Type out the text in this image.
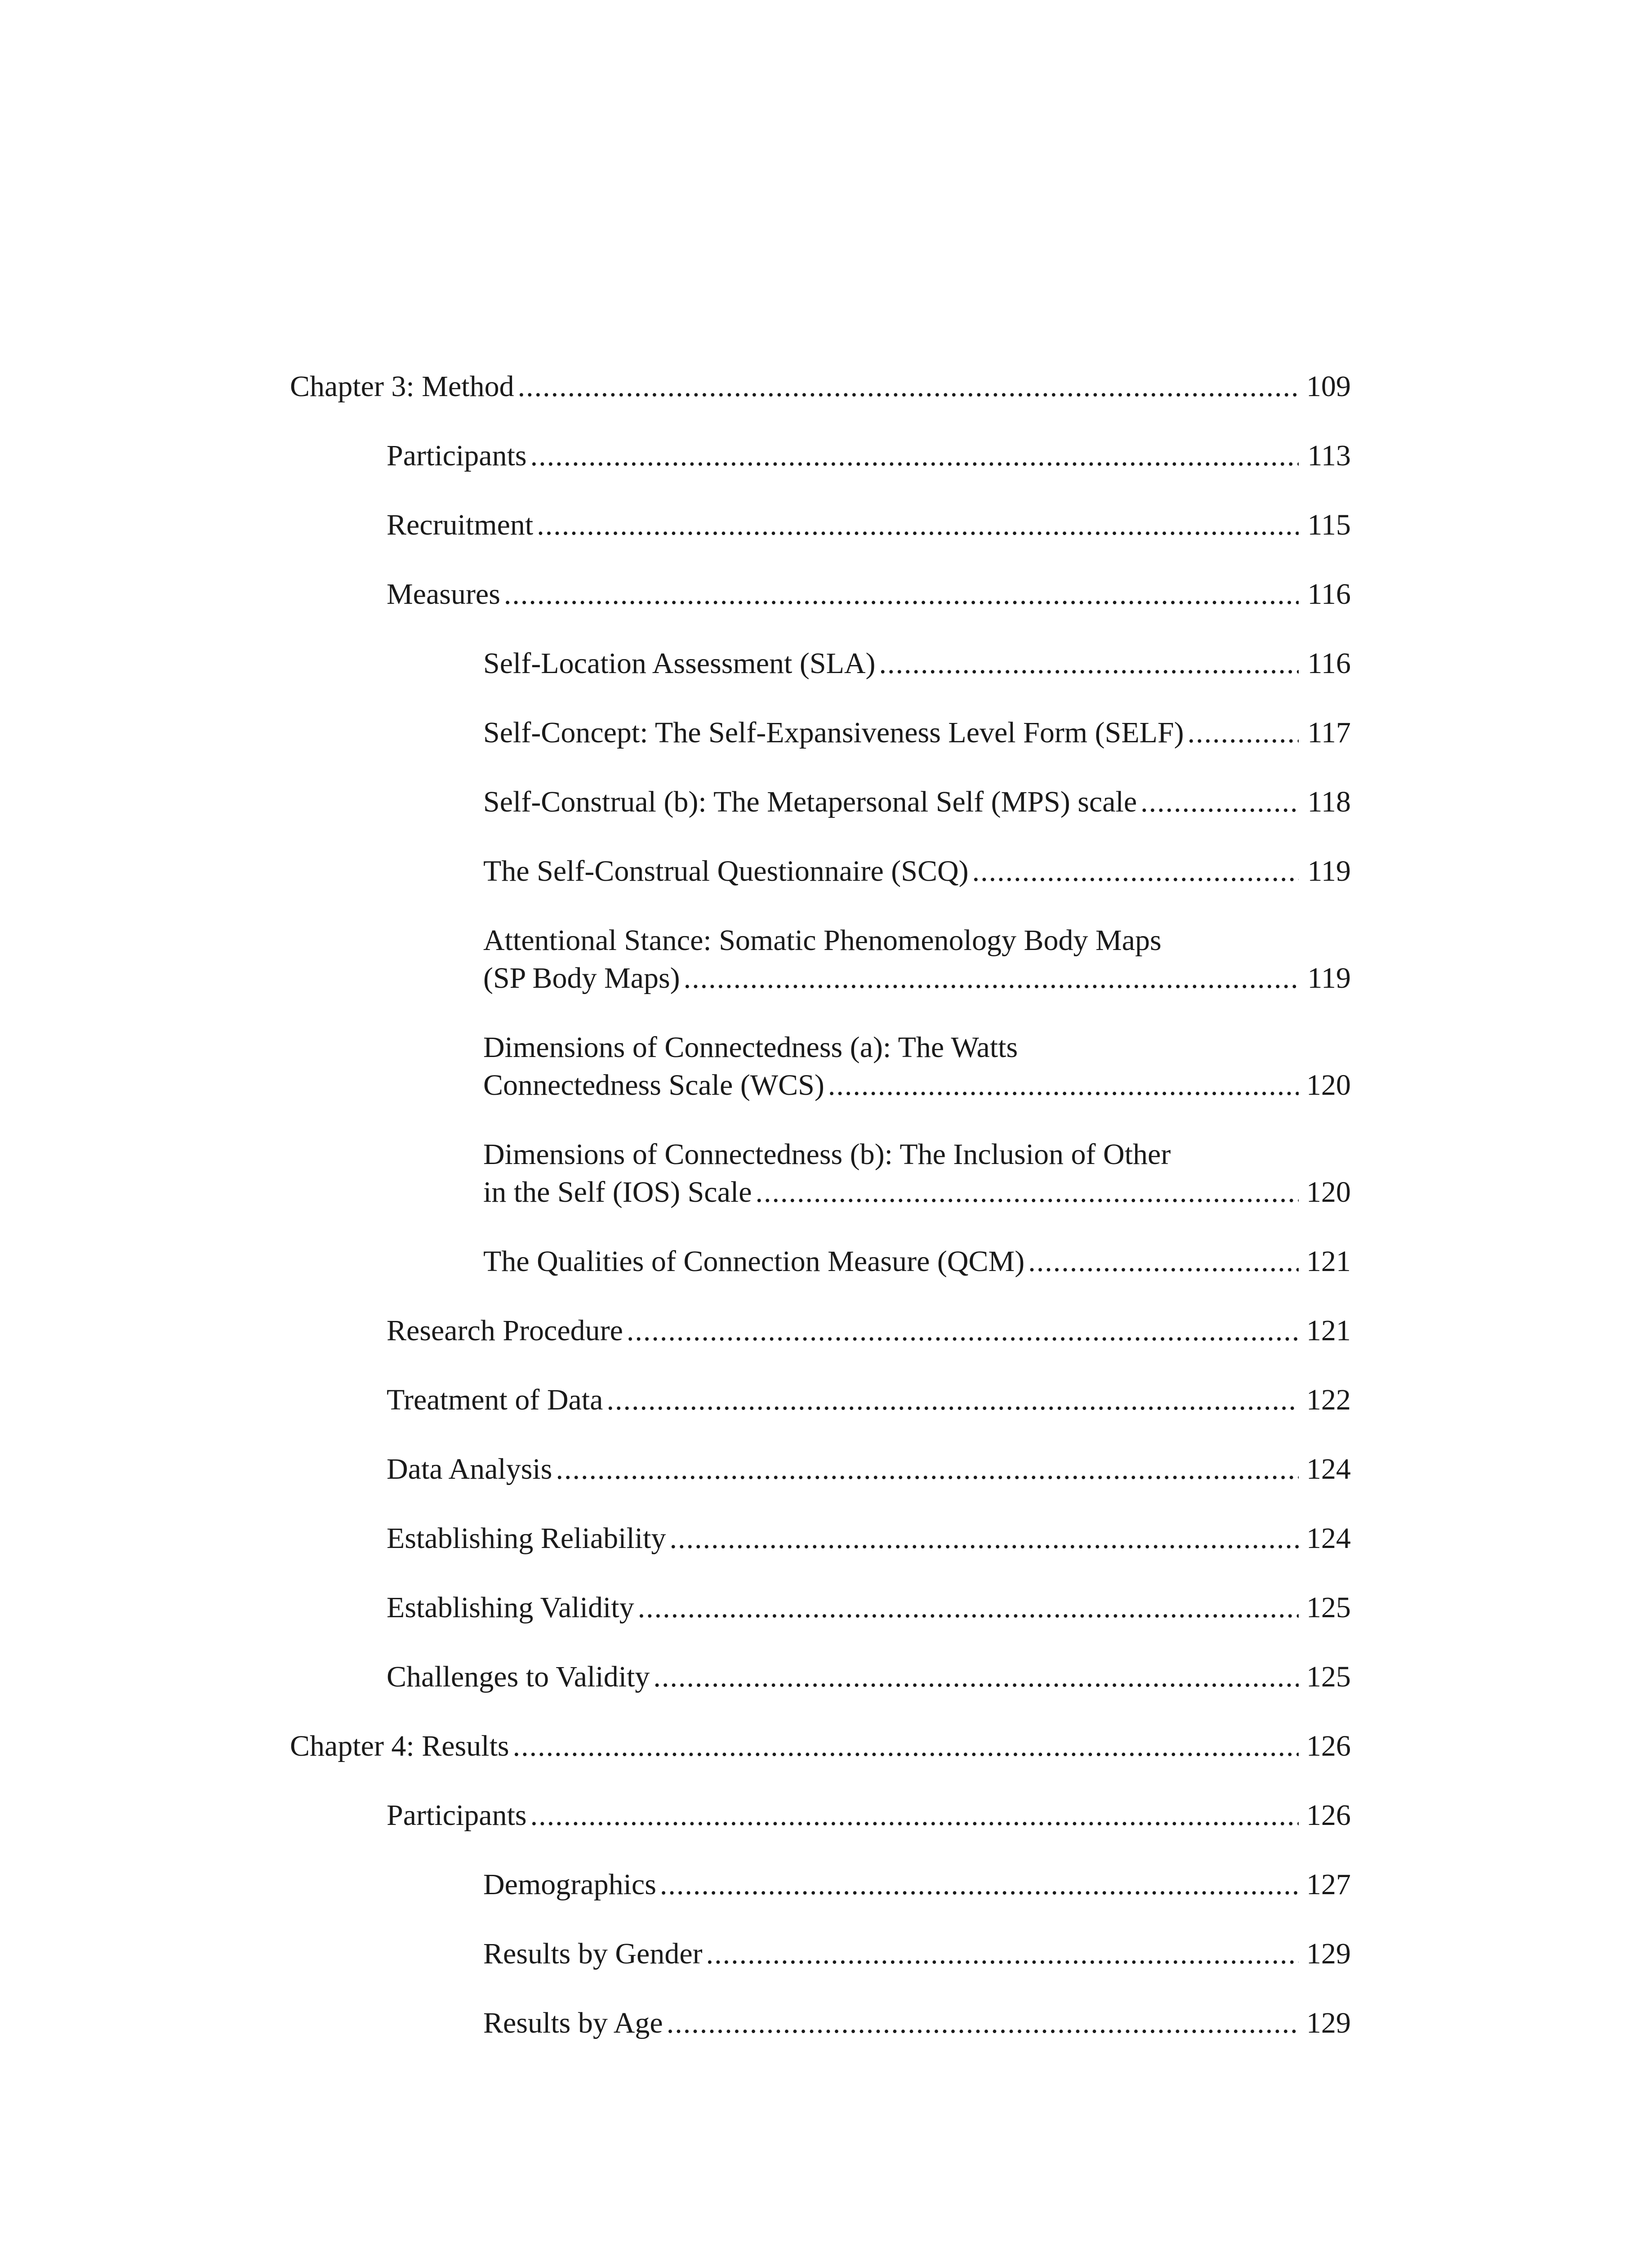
Chapter 3: Method .....	109
Participants .....	113
Recruitment .....	115
Measures .....	116
Self-Location Assessment (SLA) .....	116
Self-Concept: The Self-Expansiveness Level Form (SELF) .....	117
Self-Construal (b): The Metapersonal Self (MPS) scale .....	118
The Self-Construal Questionnaire (SCQ) .....	119
Attentional Stance: Somatic Phenomenology Body Maps
(SP Body Maps) .....	119
Dimensions of Connectedness (a): The Watts
Connectedness Scale (WCS) .....	120
Dimensions of Connectedness (b): The Inclusion of Other
in the Self (IOS) Scale .....	120
The Qualities of Connection Measure (QCM) .....	121
Research Procedure .....	121
Treatment of Data .....	122
Data Analysis .....	124
Establishing Reliability .....	124
Establishing Validity .....	125
Challenges to Validity .....	125
Chapter 4: Results .....	126
Participants .....	126
Demographics .....	127
Results by Gender .....	129
Results by Age .....	129
